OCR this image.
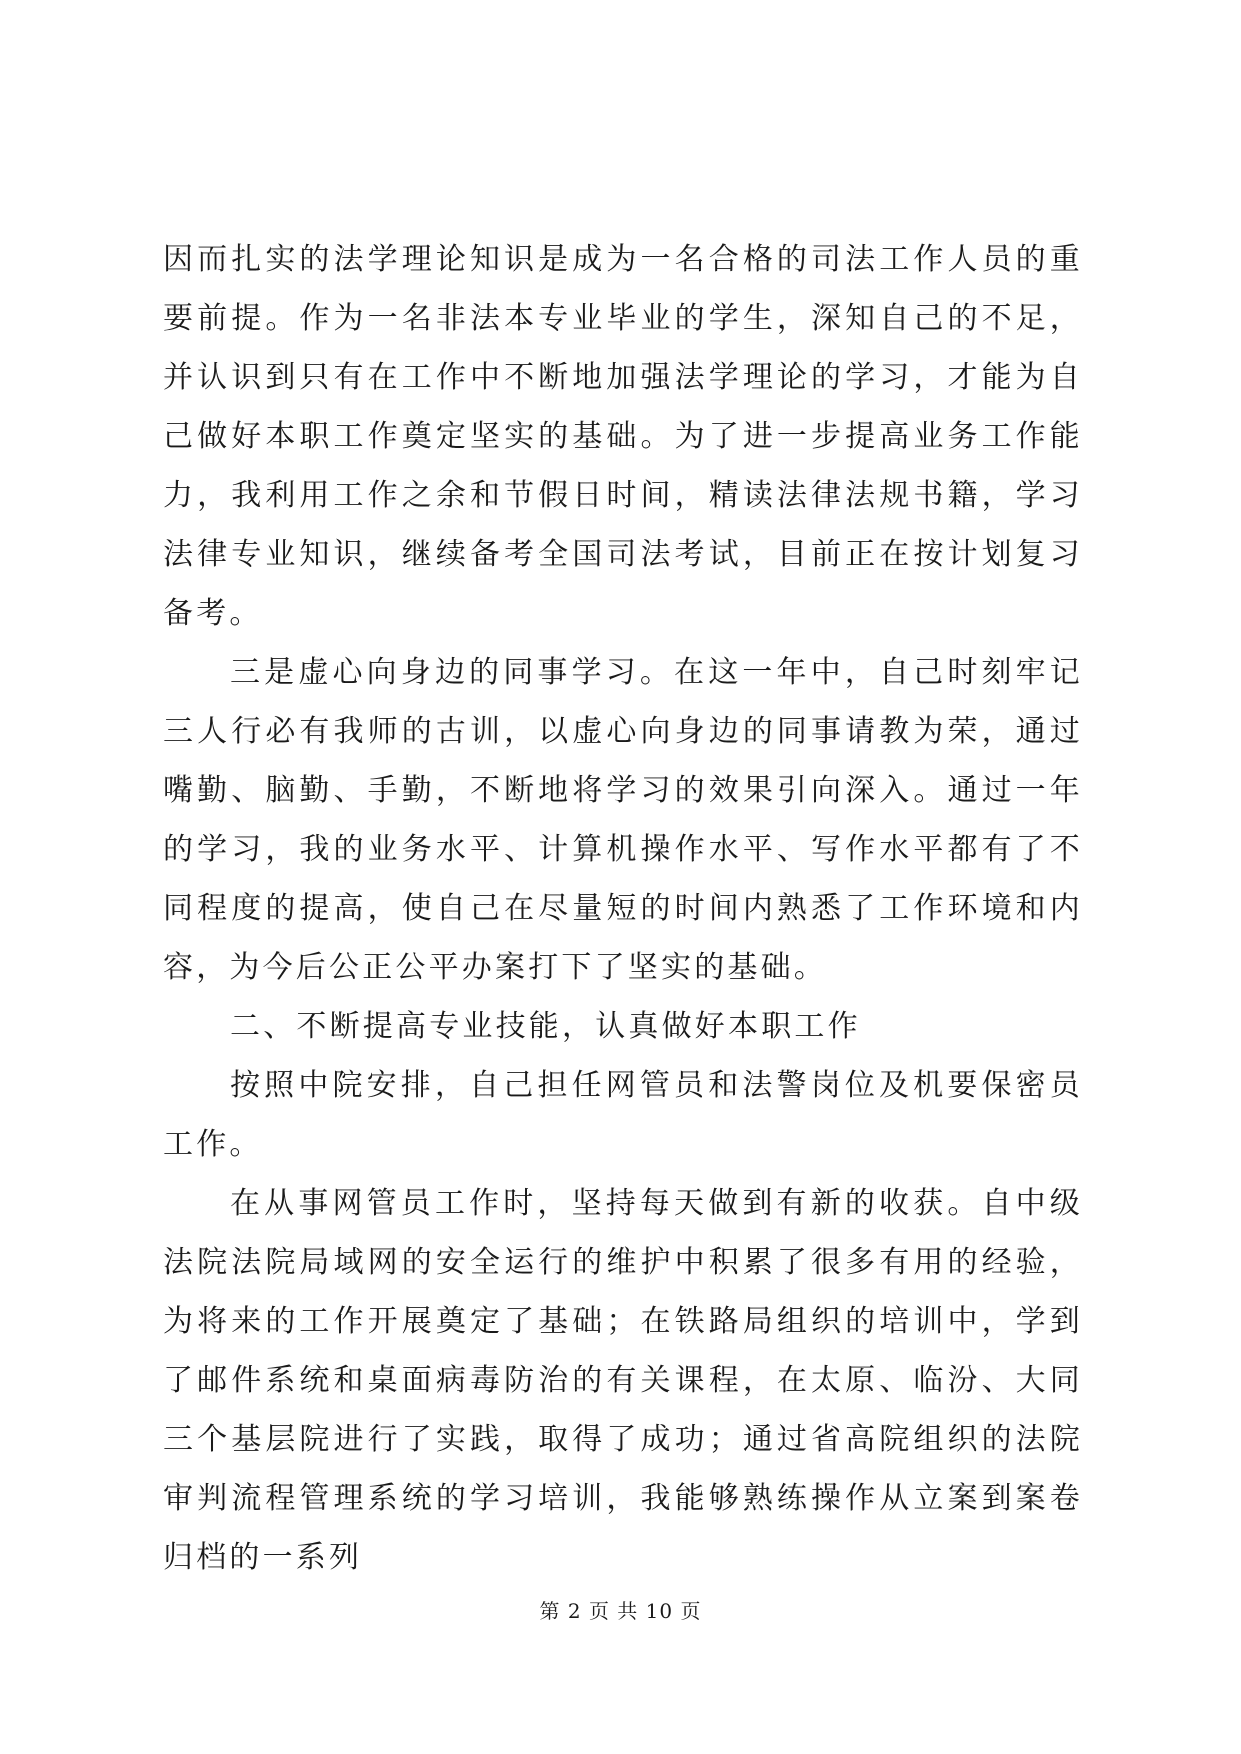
因而扎实的法学理论知识是成为一名合格的司法工作人员的重要前提。作为一名非法本专业毕业的学生，深知自己的不足，并认识到只有在工作中不断地加强法学理论的学习，才能为自己做好本职工作奠定坚实的基础。为了进一步提高业务工作能力，我利用工作之余和节假日时间，精读法律法规书籍，学习法律专业知识，继续备考全国司法考试，目前正在按计划复习备考。

三是虚心向身边的同事学习。在这一年中，自己时刻牢记三人行必有我师的古训，以虚心向身边的同事请教为荣，通过嘴勤、脑勤、手勤，不断地将学习的效果引向深入。通过一年的学习，我的业务水平、计算机操作水平、写作水平都有了不同程度的提高，使自己在尽量短的时间内熟悉了工作环境和内容，为今后公正公平办案打下了坚实的基础。

二、不断提高专业技能，认真做好本职工作

按照中院安排，自己担任网管员和法警岗位及机要保密员工作。

在从事网管员工作时，坚持每天做到有新的收获。自中级法院法院局域网的安全运行的维护中积累了很多有用的经验，为将来的工作开展奠定了基础；在铁路局组织的培训中，学到了邮件系统和桌面病毒防治的有关课程，在太原、临汾、大同三个基层院进行了实践，取得了成功；通过省高院组织的法院审判流程管理系统的学习培训，我能够熟练操作从立案到案卷归档的一系列

第 2 页 共 10 页
